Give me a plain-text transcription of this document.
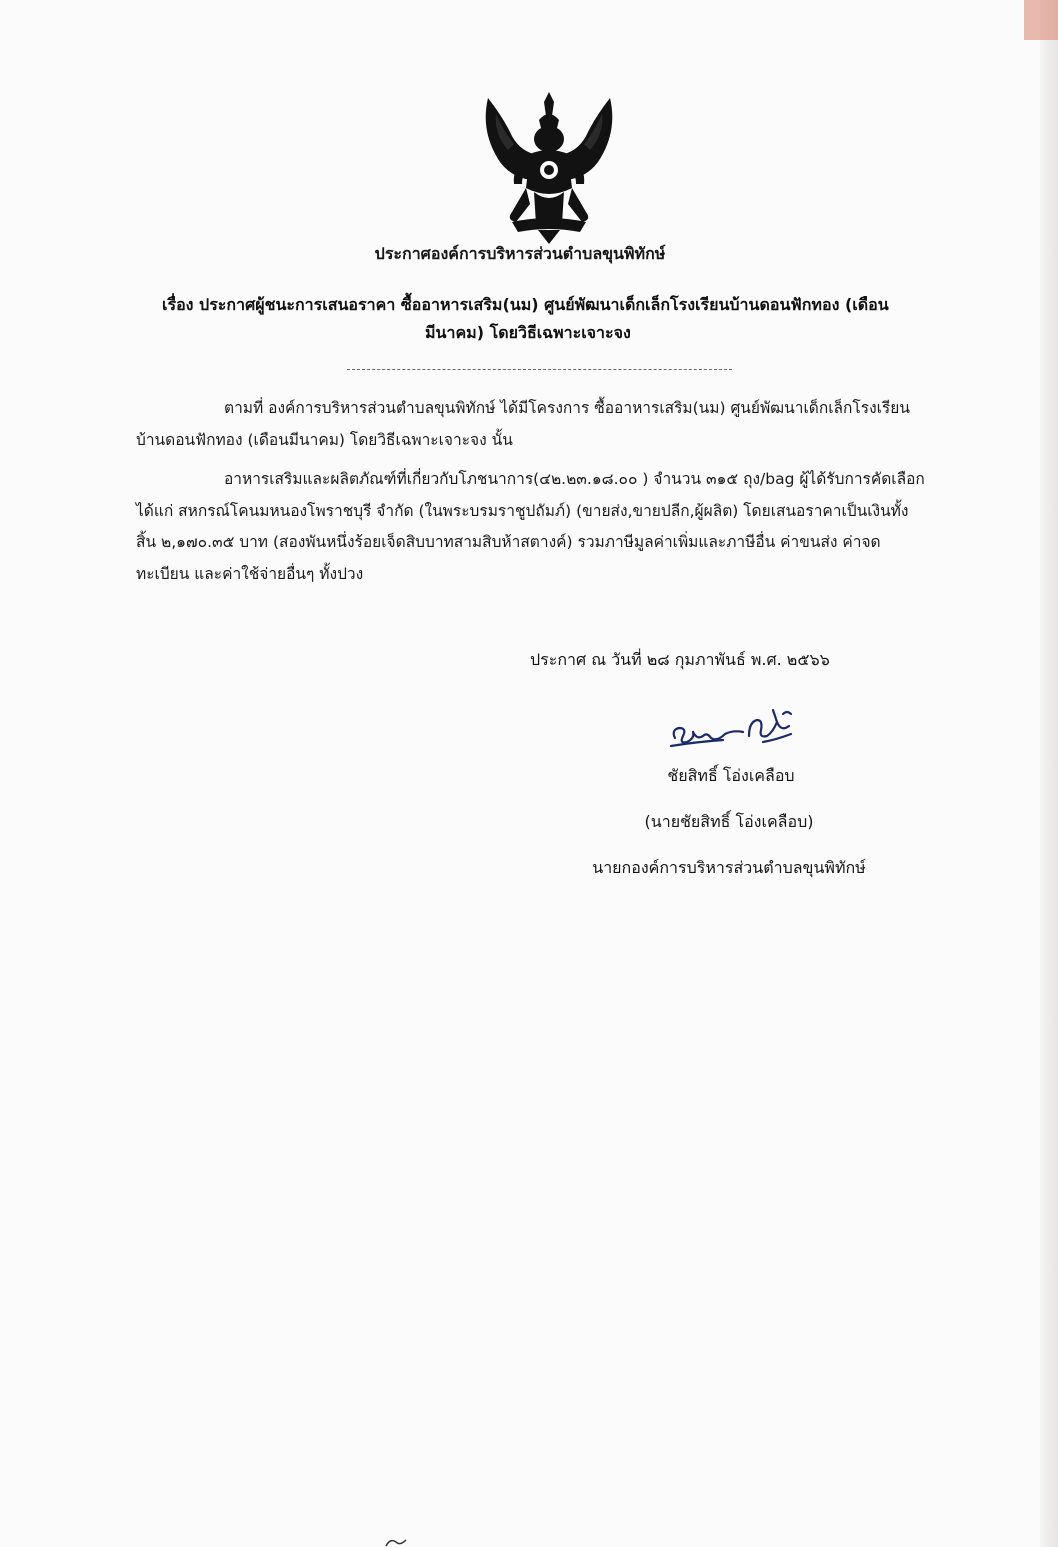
ประกาศองค์การบริหารส่วนตำบลขุนพิทักษ์
เรื่อง ประกาศผู้ชนะการเสนอราคา ซื้ออาหารเสริม(นม) ศูนย์พัฒนาเด็กเล็กโรงเรียนบ้านดอนฟักทอง (เดือน
มีนาคม) โดยวิธีเฉพาะเจาะจง
ตามที่ องค์การบริหารส่วนตำบลขุนพิทักษ์ ได้มีโครงการ ซื้ออาหารเสริม(นม) ศูนย์พัฒนาเด็กเล็กโรงเรียนบ้านดอนฟักทอง (เดือนมีนาคม) โดยวิธีเฉพาะเจาะจง นั้น
อาหารเสริมและผลิตภัณฑ์ที่เกี่ยวกับโภชนาการ(๔๒.๒๓.๑๘.๐๐ ) จำนวน ๓๑๕ ถุง/bag ผู้ได้รับการคัดเลือก ได้แก่ สหกรณ์โคนมหนองโพราชบุรี จำกัด (ในพระบรมราชูปถัมภ์) (ขายส่ง,ขายปลีก,ผู้ผลิต) โดยเสนอราคาเป็นเงินทั้งสิ้น ๒,๑๗๐.๓๕ บาท (สองพันหนึ่งร้อยเจ็ดสิบบาทสามสิบห้าสตางค์) รวมภาษีมูลค่าเพิ่มและภาษีอื่น ค่าขนส่ง ค่าจดทะเบียน และค่าใช้จ่ายอื่นๆ ทั้งปวง
ประกาศ ณ วันที่ ๒๘ กุมภาพันธ์ พ.ศ. ๒๕๖๖
ชัยสิทธิ์ โอ่งเคลือบ
(นายชัยสิทธิ์ โอ่งเคลือบ)
นายกองค์การบริหารส่วนตำบลขุนพิทักษ์
